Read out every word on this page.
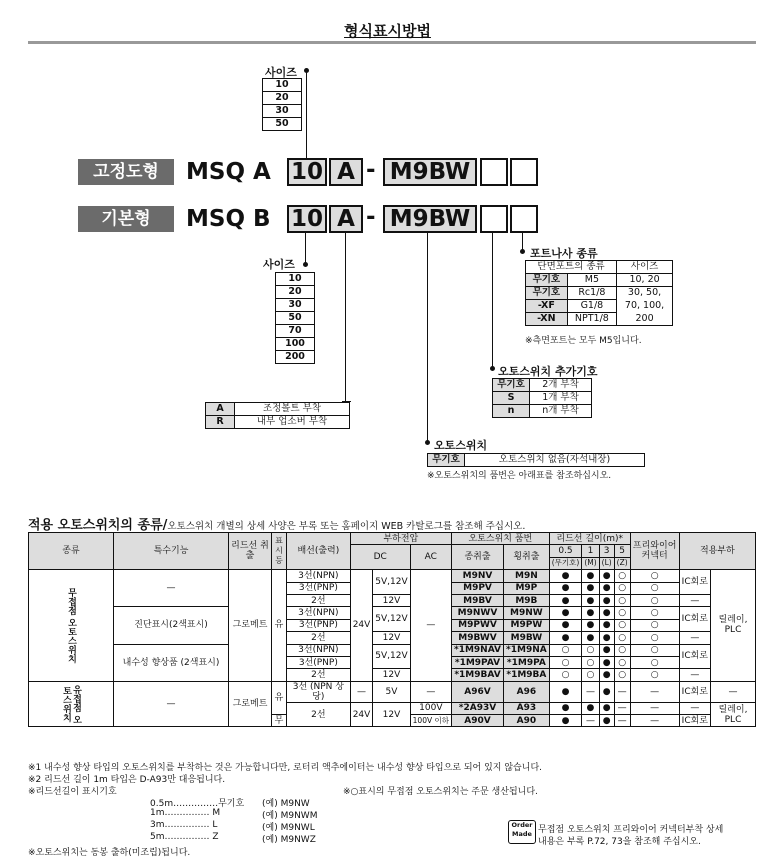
형식표시방법
사이즈
10
20
30
50
고정도형	MSQ A 10 A - M9BW
기본형	MSQ B 10 A - M9BW
사이즈
10
20
30
50
70
100
200
A	조정볼트 부착
R	내부 업소버 부착
포트나사 종류
단면포트의 종류		사이즈
무기호	M5	10, 20
무기호	Rc1/8	30, 50,
-XF	G1/8	70, 100,
-XN	NPT1/8	200
※측면포트는 모두 M5입니다.
오토스위치 추가기호
무기호	2개 부착
S	1개 부착
n	n개 부착
오토스위치
무기호	오토스위치 없음(자석내장)
※오토스위치의 품번은 아래표를 참조하십시오.
적용 오토스위치의 종류/오토스위치 개별의 상세 사양은 부록 또는 홈페이지 WEB 카탈로그를 참조해 주십시오.
종류	특수기능	리드선 취출	표시등	배선(출력)	부하전압			오토스위치 품번		리드선 길이(m)*				프리와이어 커넥터	적용부하	
					DC		AC	종취출	횡취출	0.5	1	3	5			
										(무기호)	(M)	(L)	(Z)			
무접점 오토스위치	—	그로메트	유	3선(NPN)	24V	5V,12V	—	M9NV	M9N	●	●	●	○	○	IC회로	릴레이, PLC
				3선(PNP)				M9PV	M9P	●	●	●	○	○		
				2선		12V		M9BV	M9B	●	●	●	○	○	—	
	진단표시(2색표시)			3선(NPN)		5V,12V		M9NWV	M9NW	●	●	●	○	○	IC회로	
				3선(PNP)				M9PWV	M9PW	●	●	●	○	○		
				2선		12V		M9BWV	M9BW	●	●	●	○	○	—	
	내수성 향상품 (2색표시)			3선(NPN)		5V,12V		*1M9NAV	*1M9NA	○	○	●	○	○	IC회로	
				3선(PNP)				*1M9PAV	*1M9PA	○	○	●	○	○		
				2선		12V		*1M9BAV	*1M9BA	○	○	●	○	○	—	
유접점 오토스위치	—	그로메트	유	3선 (NPN 상당)	—	5V	—	A96V	A96	●	—	●	—	—	IC회로	—
				2선	24V	12V	100V	*2A93V	A93	●	●	●	—	—	—	릴레이, PLC
			무				100V 이하	A90V	A90	●	—	●	—	—	IC회로	
※1 내수성 향상 타입의 오토스위치를 부착하는 것은 가능합니다만, 로터리 액추에이터는 내수성 향상 타입으로 되어 있지 않습니다.
※2 리드선 길이 1m 타입은 D-A93만 대응됩니다.
※리드선길이 표시기호	※○표시의 무접점 오토스위치는 주문 생산됩니다.
0.5m……………무기호 (예) M9NW
1m…………… M	(예) M9NWM
3m…………… L	(예) M9NWL
5m…………… Z	(예) M9NWZ
Order Made 무접점 오토스위치 프리와이어 커넥터부착 상세
내용은 부록 P.72, 73을 참조해 주십시오.
※오토스위치는 동봉 출하(미조립)됩니다.
